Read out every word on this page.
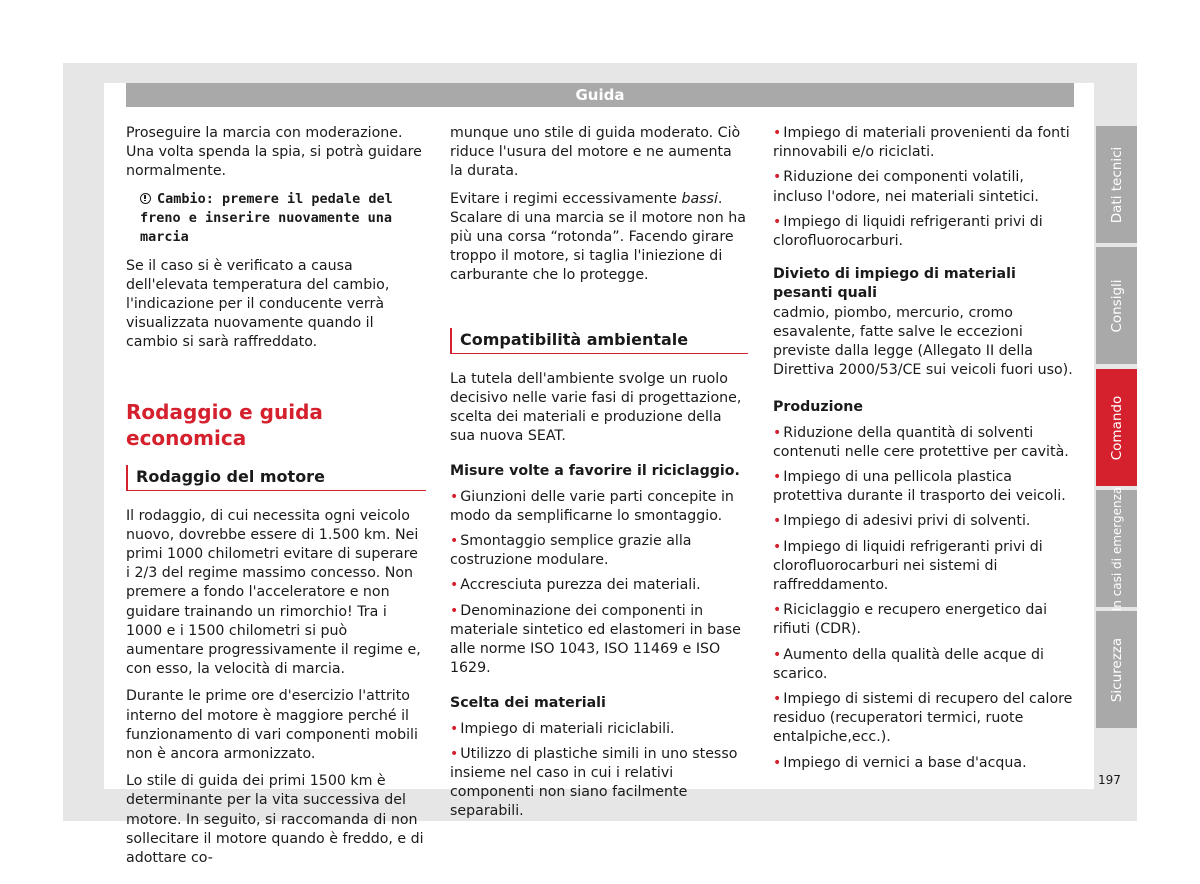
Guida

Proseguire la marcia con moderazione. Una volta spenda la spia, si potrà guidare normalmente.

Cambio: premere il pedale del freno e inserire nuovamente una marcia

Se il caso si è verificato a causa dell'elevata temperatura del cambio, l'indicazione per il conducente verrà visualizzata nuovamente quando il cambio si sarà raffreddato.

Rodaggio e guida economica
Rodaggio del motore

Il rodaggio, di cui necessita ogni veicolo nuovo, dovrebbe essere di 1.500 km. Nei primi 1000 chilometri evitare di superare i 2/3 del regime massimo concesso. Non premere a fondo l'acceleratore e non guidare trainando un rimorchio! Tra i 1000 e i 1500 chilometri si può aumentare progressivamente il regime e, con esso, la velocità di marcia.

Durante le prime ore d'esercizio l'attrito interno del motore è maggiore perché il funzionamento di vari componenti mobili non è ancora armonizzato.

Lo stile di guida dei primi 1500 km è determinante per la vita successiva del motore. In seguito, si raccomanda di non sollecitare il motore quando è freddo, e di adottare co-

munque uno stile di guida moderato. Ciò riduce l'usura del motore e ne aumenta la durata.

Evitare i regimi eccessivamente bassi. Scalare di una marcia se il motore non ha più una corsa “rotonda”. Facendo girare troppo il motore, si taglia l'iniezione di carburante che lo protegge.

Compatibilità ambientale

La tutela dell'ambiente svolge un ruolo decisivo nelle varie fasi di progettazione, scelta dei materiali e produzione della sua nuova SEAT.

Misure volte a favorire il riciclaggio.

• Giunzioni delle varie parti concepite in modo da semplificarne lo smontaggio.
• Smontaggio semplice grazie alla costruzione modulare.
• Accresciuta purezza dei materiali.
• Denominazione dei componenti in materiale sintetico ed elastomeri in base alle norme ISO 1043, ISO 11469 e ISO 1629.

Scelta dei materiali

• Impiego di materiali riciclabili.
• Utilizzo di plastiche simili in uno stesso insieme nel caso in cui i relativi componenti non siano facilmente separabili.
• Impiego di materiali provenienti da fonti rinnovabili e/o riciclati.
• Riduzione dei componenti volatili, incluso l'odore, nei materiali sintetici.
• Impiego di liquidi refrigeranti privi di clorofluorocarburi.

Divieto di impiego di materiali pesanti quali

cadmio, piombo, mercurio, cromo esavalente, fatte salve le eccezioni previste dalla legge (Allegato II della Direttiva 2000/53/CE sui veicoli fuori uso).

Produzione

• Riduzione della quantità di solventi contenuti nelle cere protettive per cavità.
• Impiego di una pellicola plastica protettiva durante il trasporto dei veicoli.
• Impiego di adesivi privi di solventi.
• Impiego di liquidi refrigeranti privi di clorofluorocarburi nei sistemi di raffreddamento.
• Riciclaggio e recupero energetico dai rifiuti (CDR).
• Aumento della qualità delle acque di scarico.
• Impiego di sistemi di recupero del calore residuo (recuperatori termici, ruote entalpiche,ecc.).
• Impiego di vernici a base d'acqua.
Dati tecnici
Consigli
Comando
In casi di emergenza
Sicurezza
197
